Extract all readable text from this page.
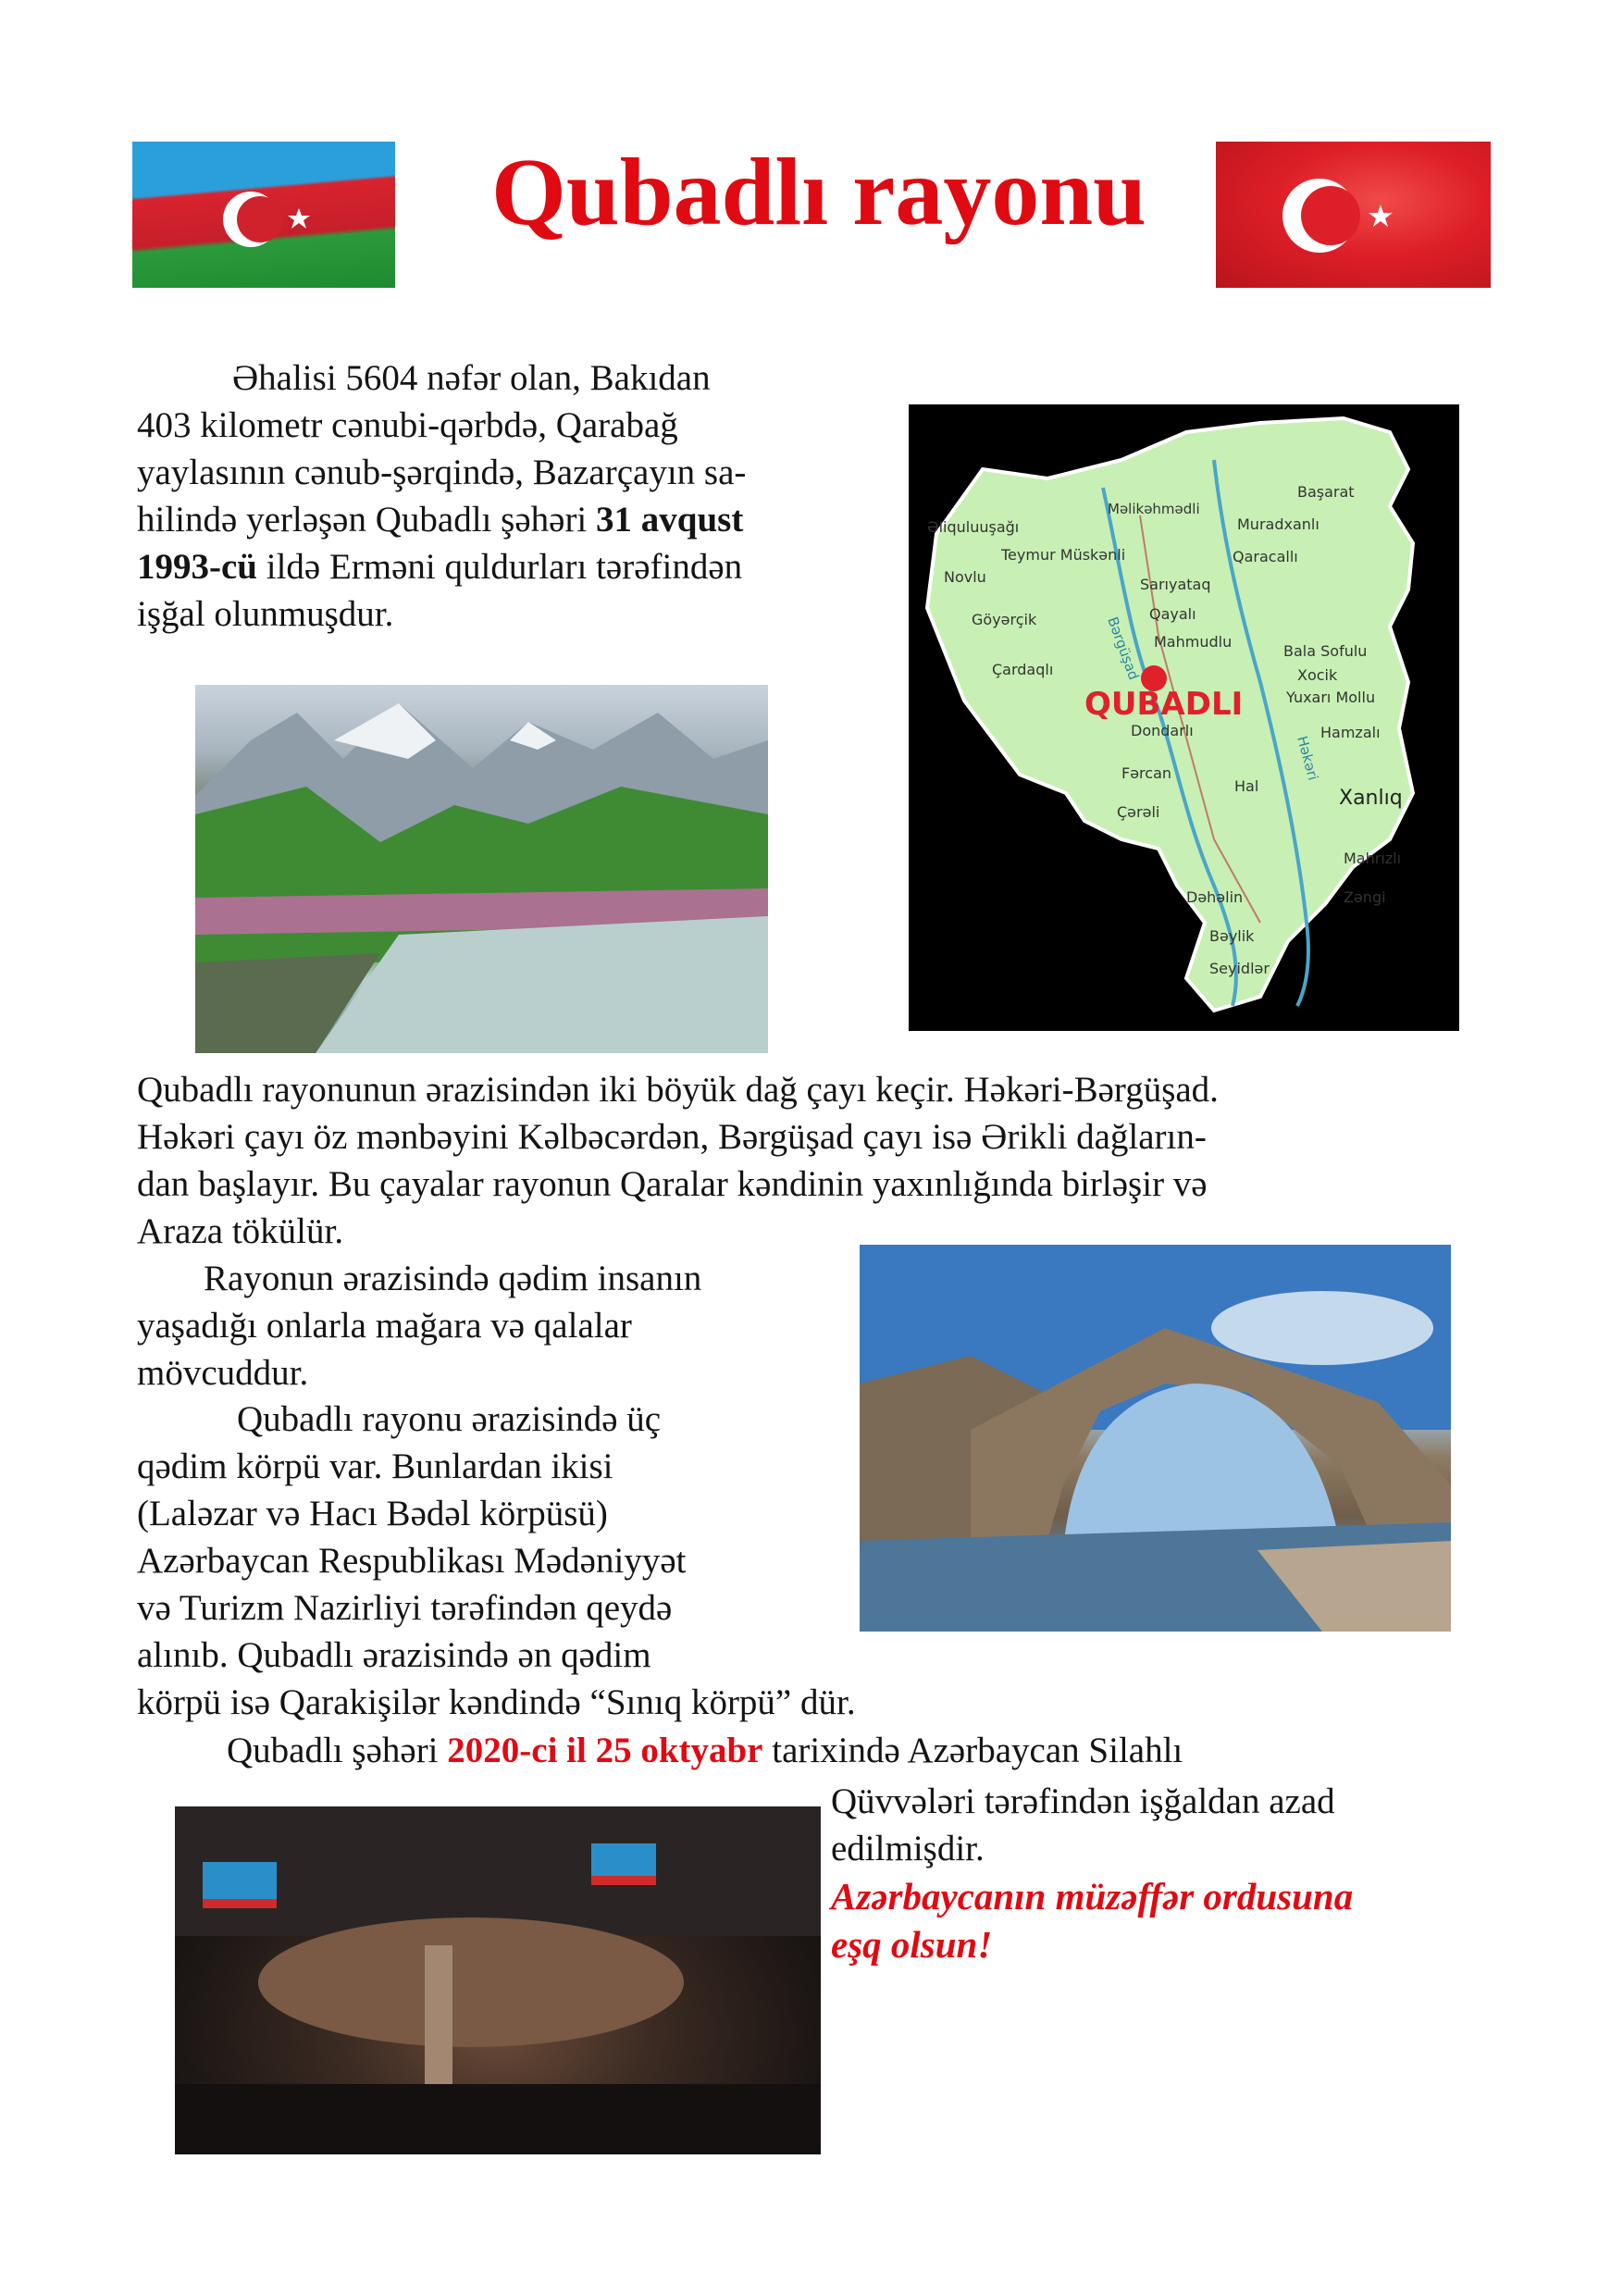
Qubadlı rayonu
Əhalisi 5604 nəfər olan, Bakıdan
403 kilometr cənubi-qərbdə, Qarabağ
yaylasının cənub-şərqində, Bazarçayın sa-
hilində yerləşən Qubadlı şəhəri 31 avqust
1993-cü ildə Erməni quldurları tərəfindən
işğal olunmuşdur.
QUBADLI
Məlikəhmədli
Başarat
Əliquluuşağı	Muradxanlı
Teymur Müskənli	Qaracallı
Novlu	Sarıyataq
Göyərçik	Qayalı
Mahmudlu
Bala Sofulu
Xocik
Çardaqlı
Yuxarı Mollu
Dondarlı	Hamzalı
Fərcan
Hal
Xanlıq
Çərəli
Mahrızlı
Dəhəlin	Zəngi
Bəylik
Seyidlər
Bərgüşad
Həkəri
Qubadlı rayonunun ərazisindən iki böyük dağ çayı keçir. Həkəri-Bərgüşad.
Həkəri çayı öz mənbəyini Kəlbəcərdən, Bərgüşad çayı isə Ərikli dağların-
dan başlayır. Bu çayalar rayonun Qaralar kəndinin yaxınlığında birləşir və
Araza tökülür.
Rayonun ərazisində qədim insanın
yaşadığı onlarla mağara və qalalar
mövcuddur.
Qubadlı rayonu ərazisində üç
qədim körpü var. Bunlardan ikisi
(Laləzar və Hacı Bədəl körpüsü)
Azərbaycan Respublikası Mədəniyyət
və Turizm Nazirliyi tərəfindən qeydə
alınıb. Qubadlı ərazisində ən qədim
körpü isə Qarakişilər kəndində “Sınıq körpü” dür.
Qubadlı şəhəri 2020-ci il 25 oktyabr tarixində Azərbaycan Silahlı
Qüvvələri tərəfindən işğaldan azad
edilmişdir.
Azərbaycanın müzəffər ordusuna
eşq olsun!
